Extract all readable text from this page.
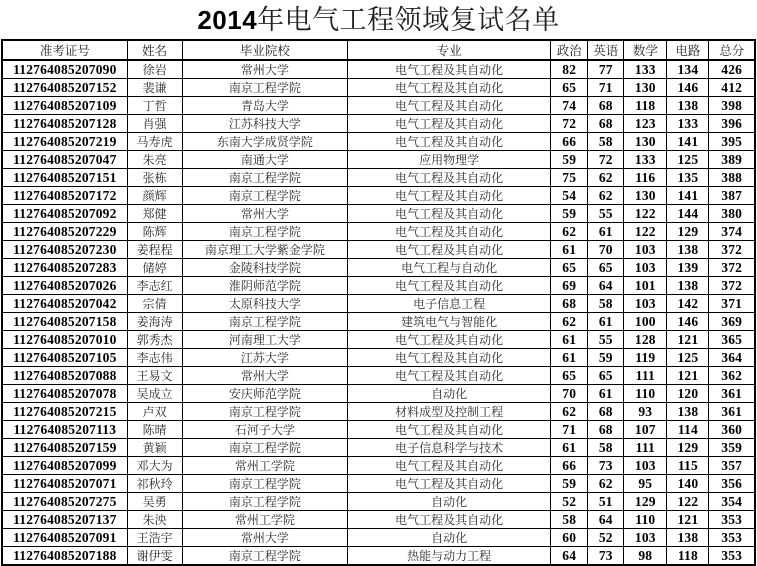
2014年电气工程领域复试名单
准考证号	姓名	毕业院校	专业	政治	英语	数学	电路	总分
112764085207090	徐岩	常州大学	电气工程及其自动化	82	77	133	134	426
112764085207152	裴谦	南京工程学院	电气工程及其自动化	65	71	130	146	412
112764085207109	丁哲	青岛大学	电气工程及其自动化	74	68	118	138	398
112764085207128	肖强	江苏科技大学	电气工程及其自动化	72	68	123	133	396
112764085207219	马寿虎	东南大学成贤学院	电气工程及其自动化	66	58	130	141	395
112764085207047	朱亮	南通大学	应用物理学	59	72	133	125	389
112764085207151	张栋	南京工程学院	电气工程及其自动化	75	62	116	135	388
112764085207172	颜辉	南京工程学院	电气工程及其自动化	54	62	130	141	387
112764085207092	郑健	常州大学	电气工程及其自动化	59	55	122	144	380
112764085207229	陈辉	南京工程学院	电气工程及其自动化	62	61	122	129	374
112764085207230	姜程程	南京理工大学紫金学院	电气工程及其自动化	61	70	103	138	372
112764085207283	储婷	金陵科技学院	电气工程与自动化	65	65	103	139	372
112764085207026	李志红	淮阴师范学院	电气工程及其自动化	69	64	101	138	372
112764085207042	宗倩	太原科技大学	电子信息工程	68	58	103	142	371
112764085207158	姜海涛	南京工程学院	建筑电气与智能化	62	61	100	146	369
112764085207010	郭秀杰	河南理工大学	电气工程及其自动化	61	55	128	121	365
112764085207105	李志伟	江苏大学	电气工程及其自动化	61	59	119	125	364
112764085207088	王易文	常州大学	电气工程及其自动化	65	65	111	121	362
112764085207078	吴成立	安庆师范学院	自动化	70	61	110	120	361
112764085207215	卢双	南京工程学院	材料成型及控制工程	62	68	93	138	361
112764085207113	陈晴	石河子大学	电气工程及其自动化	71	68	107	114	360
112764085207159	黄颖	南京工程学院	电子信息科学与技术	61	58	111	129	359
112764085207099	邓大为	常州工学院	电气工程及其自动化	66	73	103	115	357
112764085207071	祁秋玲	南京工程学院	电气工程及其自动化	59	62	95	140	356
112764085207275	吴勇	南京工程学院	自动化	52	51	129	122	354
112764085207137	朱泱	常州工学院	电气工程及其自动化	58	64	110	121	353
112764085207091	王浩宇	常州大学	自动化	60	52	103	138	353
112764085207188	谢伊雯	南京工程学院	热能与动力工程	64	73	98	118	353
